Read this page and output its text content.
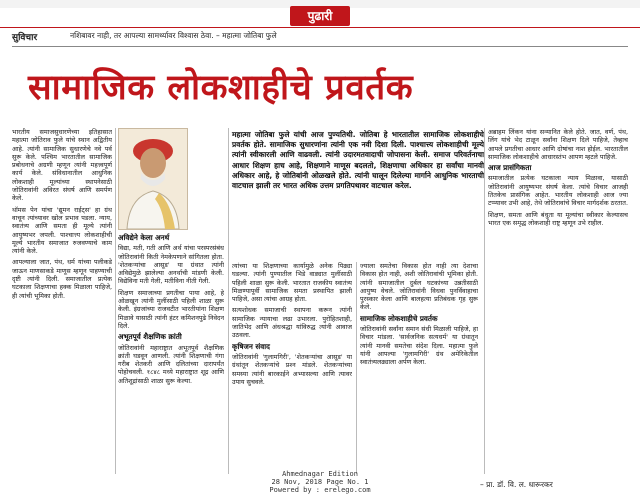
पुढारी
सुविचार	नशिबावर नाही, तर आपल्या सामर्थ्यावर विश्वास ठेवा. – महात्मा जोतिबा फुले
सामाजिक लोकशाहीचे प्रवर्तक

भारतीय समाजसुधारणेच्या इतिहासात महात्मा जोतिराव फुले यांचे स्थान अद्वितीय आहे. त्यांनी सामाजिक सुधारणेचे नवे पर्व सुरू केले. पश्‍चिम भारतातील सामाजिक प्रबोधनाचे अग्रणी म्हणून त्यांनी महत्त्वपूर्ण कार्य केले. संविधानातील आधुनिक लोकशाही मूल्यांच्या स्थापनेसाठी जोतिरावांनी अविरत संघर्ष आणि समर्पण केले.

थॉमस पेन यांचा 'द्यूमन राईट्स' हा ग्रंथ वाचून त्यांच्यावर खोल प्रभाव पडला. न्याय, स्वातंत्र्य आणि समता ही मूल्ये त्यांनी आयुष्यभर जपली. पाश्‍चात्त्य लोकशाहीची मूल्ये भारतीय समाजात रुजवण्याचे काम त्यांनी केले.

आपल्याला जात, पंथ, धर्म यांच्या पलीकडे जाऊन माणसाकडे माणूस म्हणून पाहण्याची दृष्टी त्यांनी दिली. समाजातील प्रत्येक घटकाला शिक्षणाचा हक्क मिळाला पाहिजे, ही त्यांची भूमिका होती.

अविद्येने केला अनर्थ

विद्या, मती, गती आणि अर्थ यांचा परस्परसंबंध जोतिरावांनी किती नेमकेपणाने सांगितला होता. 'शेतकऱ्यांचा आसूड' या ग्रंथात त्यांनी अविद्येमुळे झालेल्या अनर्थाची मांडणी केली. विद्येविना मती गेली, मतीविना नीती गेली.

शिक्षण समाजाच्या प्रगतीचा पाया आहे, हे ओळखून त्यांनी मुलींसाठी पहिली शाळा सुरू केली. इंग्रजांच्या राजवटीत भारतीयांना शिक्षण मिळावे यासाठी त्यांनी हंटर कमिशनपुढे निवेदन दिले.

अभूतपूर्व शैक्षणिक क्रांती

जोतिरावांनी महाराष्ट्रात अभूतपूर्व शैक्षणिक क्रांती घडवून आणली. त्यांनी शिक्षणाची गंगा गरीब शेतकरी आणि दलितांच्या दारापर्यंत पोहोचवली. १८४८ मध्ये महाराष्ट्रात शूद्र आणि अतिशूद्रांसाठी शाळा सुरू केल्या.

महात्मा जोतिबा फुले यांची आज पुण्यतिथी. जोतिबा हे भारतातील सामाजिक लोकशाहीचे प्रवर्तक होते. सामाजिक सुधारणांना त्यांनी एक नवी दिशा दिली. पाश्‍चात्त्य लोकशाहीची मूल्ये त्यांनी स्वीकारली आणि वाढवली. त्यांनी उदारमतवादाची जोपासना केली. समाज परिवर्तनाचा आधार शिक्षण हाच आहे, शिक्षणाने माणूस बदलतो, शिक्षणाचा अधिकार हा सर्वांचा मानवी अधिकार आहे, हे जोतिबांनी ओळखले होते. त्यांनी घालून दिलेल्या मार्गाने आधुनिक भारताची वाटचाल झाली तर भारत अधिक उत्तम प्रगतिपथावर वाटचाल करेल.

त्यांच्या या शिक्षणाच्या कार्यामुळे अनेक पिढ्या घडल्या. त्यांनी पुण्यातील भिडे वाड्यात मुलींसाठी पहिली शाळा सुरू केली. भारतात राजकीय स्वातंत्र्य मिळण्यापूर्वी सामाजिक समता प्रस्थापित झाली पाहिजे, असा त्यांचा आग्रह होता.

सत्यशोधक समाजाची स्थापना करून त्यांनी सामाजिक न्यायाचा लढा उभारला. पुरोहितशाही, जातिभेद आणि अंधश्रद्धा यांविरुद्ध त्यांनी आवाज उठवला.

कृषिजन संवाद

जोतिरावांनी 'गुलामगिरी', 'शेतकऱ्यांचा आसूड' या ग्रंथांतून शेतकऱ्यांचे प्रश्‍न मांडले. शेतकऱ्यांच्या समस्या त्यांनी बारकाईने अभ्यासल्या आणि त्यावर उपाय सुचवले.

ज्याला समतेचा विकास होत नाही त्या देशाचा विकास होत नाही, अशी जोतिरावांची भूमिका होती. त्यांनी समाजातील दुर्बल घटकांच्या उन्नतीसाठी आयुष्य वेचले. जोतिरावांनी विधवा पुनर्विवाहाचा पुरस्कार केला आणि बालहत्या प्रतिबंधक गृह सुरू केले.

सामाजिक लोकशाहीचे प्रवर्तक

जोतिरावांनी सर्वांना समान संधी मिळाली पाहिजे, हा विचार मांडला. 'सार्वजनिक सत्यधर्म' या ग्रंथातून त्यांनी मानवी समतेचा संदेश दिला. महात्मा फुले यांनी आपल्या 'गुलामगिरी' ग्रंथ अमेरिकेतील स्वातंत्र्यलढ्याला अर्पण केला.

अब्राहम लिंकन यांना सन्मानित केले होते. जात, वर्ण, पंथ, लिंग यांचे भेद टाळून सर्वांना शिक्षण दिले पाहिजे, तेव्हाच आपले प्रगतीचा आधार आणि दोषांचा नाश होईल. भारतातील सामाजिक लोकशाहीचे आधारस्तंभ आपण म्हटले पाहिजे.

आज प्रासंगिकता

समाजातील प्रत्येक घटकाला न्याय मिळावा, यासाठी जोतिरावांनी आयुष्यभर संघर्ष केला. त्यांचे विचार आजही तितकेच प्रासंगिक आहेत. भारतीय लोकशाही आज ज्या टप्प्यावर उभी आहे, तेथे जोतिरावांचे विचार मार्गदर्शक ठरतात.

शिक्षण, समता आणि बंधुता या मूल्यांचा स्वीकार केल्यासच भारत एक समृद्ध लोकशाही राष्ट्र म्हणून उभे राहील.

– प्रा. डॉ. वि. ल. धारूरकर
Ahmednagar Edition
28 Nov, 2018 Page No. 1
Powered by : erelego.com
